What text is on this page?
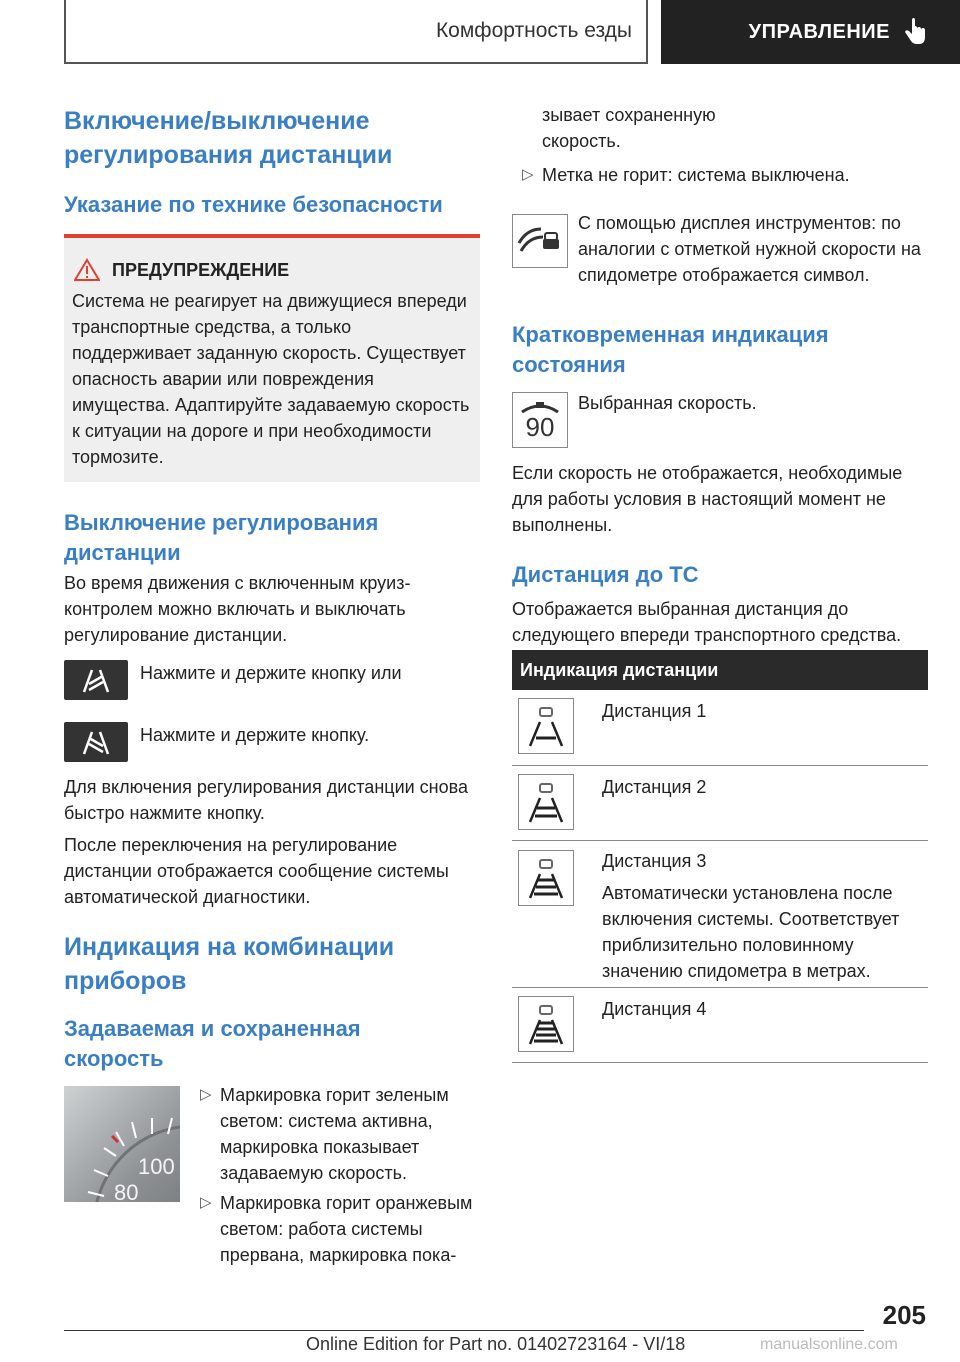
Комфортность езды	УПРАВЛЕНИЕ
Включение/выключение регулирования дистанции
Указание по технике безопасности
ПРЕДУПРЕЖДЕНИЕ
Система не реагирует на движущиеся впереди транспортные средства, а только поддерживает заданную скорость. Существует опасность аварии или повреждения имущества. Адаптируйте задаваемую скорость к ситуации на дороге и при необходимости тормозите.
Выключение регулирования дистанции
Во время движения с включенным круиз-контролем можно включать и выключать регулирование дистанции.
Нажмите и держите кнопку или
Нажмите и держите кнопку.
Для включения регулирования дистанции снова быстро нажмите кнопку.
После переключения на регулирование дистанции отображается сообщение системы автоматической диагностики.
Индикация на комбинации приборов
Задаваемая и сохраненная скорость
100
80
▷ Маркировка горит зеленым светом: система активна, маркировка показывает задаваемую скорость.
▷ Маркировка горит оранжевым светом: работа системы прервана, маркировка пока-
зывает сохраненную скорость.
▷ Метка не горит: система выключена.
С помощью дисплея инструментов: по аналогии с отметкой нужной скорости на спидометре отображается символ.
Кратковременная индикация состояния
90
Выбранная скорость.
Если скорость не отображается, необходимые для работы условия в настоящий момент не выполнены.
Дистанция до ТС
Отображается выбранная дистанция до следующего впереди транспортного средства.
Индикация дистанции
Дистанция 1
Дистанция 2
Дистанция 3
Автоматически установлена после включения системы. Соответствует приблизительно половинному значению спидометра в метрах.
Дистанция 4
205
Online Edition for Part no. 01402723164 - VI/18	manualsonline.com
